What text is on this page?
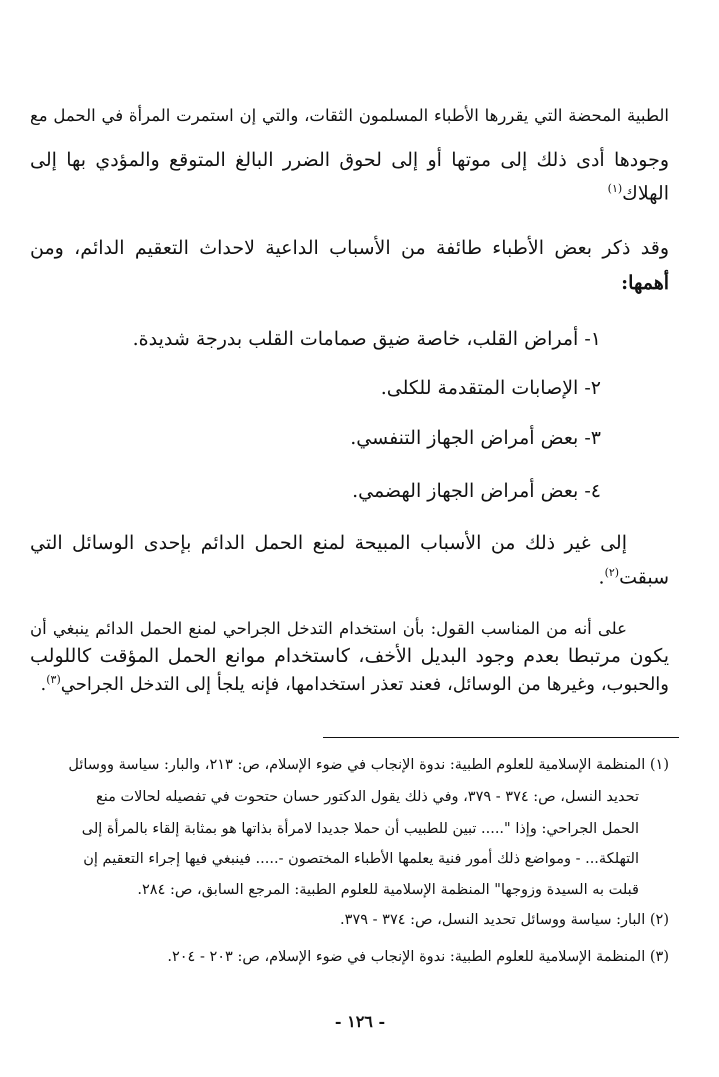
الطبية المحضة التي يقررها الأطباء المسلمون الثقات، والتي إن استمرت المرأة في الحمل مع
وجودها أدى ذلك إلى موتها أو إلى لحوق الضرر البالغ المتوقع والمؤدي بها إلى
الهلاك$^{(١)}$
وقد ذكر بعض الأطباء طائفة من الأسباب الداعية لاحداث التعقيم الدائم، ومن
أهمها:
١- أمراض القلب، خاصة ضيق صمامات القلب بدرجة شديدة.
٢- الإصابات المتقدمة للكلى.
٣- بعض أمراض الجهاز التنفسي.
٤- بعض أمراض الجهاز الهضمي.
إلى غير ذلك من الأسباب المبيحة لمنع الحمل الدائم بإحدى الوسائل التي
سبقت$^{(٢)}$.
على أنه من المناسب القول: بأن استخدام التدخل الجراحي لمنع الحمل الدائم ينبغي أن
يكون مرتبطا بعدم وجود البديل الأخف، كاستخدام موانع الحمل المؤقت كاللولب
والحبوب، وغيرها من الوسائل، فعند تعذر استخدامها، فإنه يلجأ إلى التدخل الجراحي$^{(٣)}$.
(١) المنظمة الإسلامية للعلوم الطبية: ندوة الإنجاب في ضوء الإسلام، ص: ٢١٣، والبار: سياسة ووسائل
تحديد النسل، ص: ٣٧٤ - ٣٧٩، وفي ذلك يقول الدكتور حسان حتحوت في تفصيله لحالات منع
الحمل الجراحي: وإذا "..... تبين للطبيب أن حملا جديدا لامرأة بذاتها هو بمثابة إلقاء بالمرأة إلى
التهلكة... - ومواضع ذلك أمور فنية يعلمها الأطباء المختصون -..... فينبغي فيها إجراء التعقيم إن
قبلت به السيدة وزوجها" المنظمة الإسلامية للعلوم الطبية: المرجع السابق، ص: ٢٨٤.
(٢) البار: سياسة ووسائل تحديد النسل، ص: ٣٧٤ - ٣٧٩.
(٣) المنظمة الإسلامية للعلوم الطبية: ندوة الإنجاب في ضوء الإسلام، ص: ٢٠٣ - ٢٠٤.
- ١٢٦ -
